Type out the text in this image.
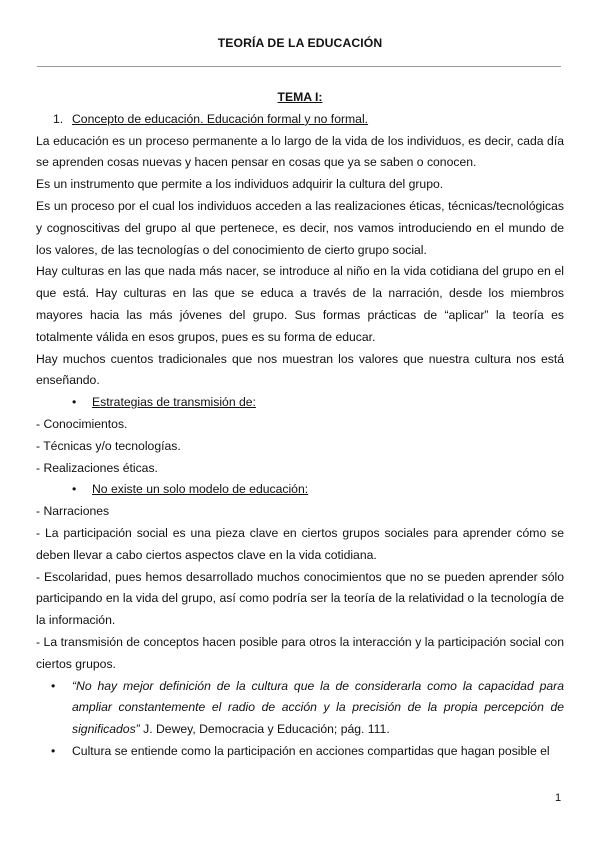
TEORÍA DE LA EDUCACIÓN
TEMA I:
1. Concepto de educación. Educación formal y no formal.
La educación es un proceso permanente a lo largo de la vida de los individuos, es decir, cada día se aprenden cosas nuevas y hacen pensar en cosas que ya se saben o conocen.
Es un instrumento que permite a los individuos adquirir la cultura del grupo.
Es un proceso por el cual los individuos acceden a las realizaciones éticas, técnicas/tecnológicas y cognoscitivas del grupo al que pertenece, es decir, nos vamos introduciendo en el mundo de los valores, de las tecnologías o del conocimiento de cierto grupo social.
Hay culturas en las que nada más nacer, se introduce al niño en la vida cotidiana del grupo en el que está. Hay culturas en las que se educa a través de la narración, desde los miembros mayores hacia las más jóvenes del grupo. Sus formas prácticas de “aplicar” la teoría es totalmente válida en esos grupos, pues es su forma de educar.
Hay muchos cuentos tradicionales que nos muestran los valores que nuestra cultura nos está enseñando.
• Estrategias de transmisión de:
- Conocimientos.
- Técnicas y/o tecnologías.
- Realizaciones éticas.
• No existe un solo modelo de educación:
- Narraciones
- La participación social es una pieza clave en ciertos grupos sociales para aprender cómo se deben llevar a cabo ciertos aspectos clave en la vida cotidiana.
- Escolaridad, pues hemos desarrollado muchos conocimientos que no se pueden aprender sólo participando en la vida del grupo, así como podría ser la teoría de la relatividad o la tecnología de la información.
- La transmisión de conceptos hacen posible para otros la interacción y la participación social con ciertos grupos.
• “No hay mejor definición de la cultura que la de considerarla como la capacidad para ampliar constantemente el radio de acción y la precisión de la propia percepción de significados” J. Dewey, Democracia y Educación; pág. 111.
• Cultura se entiende como la participación en acciones compartidas que hagan posible el
1
